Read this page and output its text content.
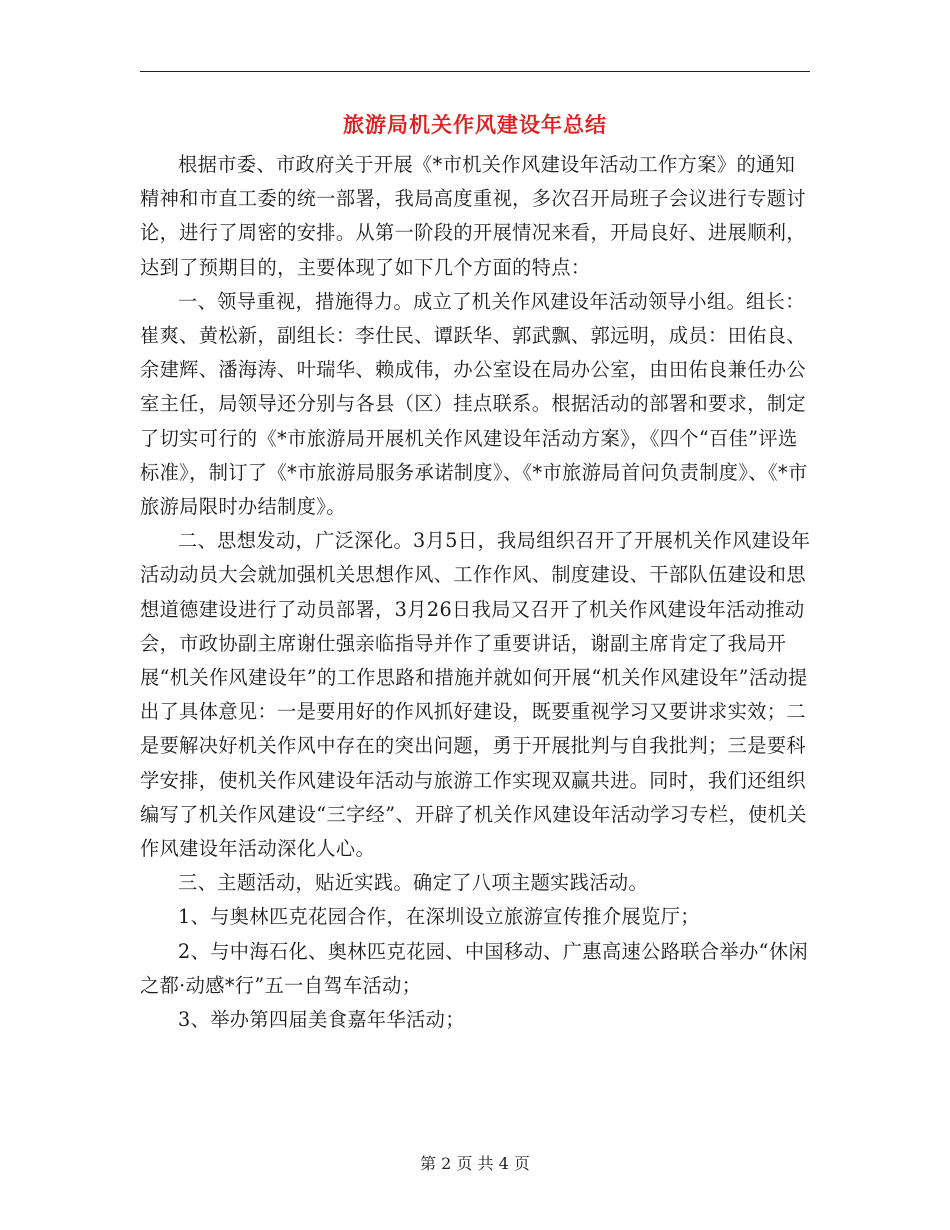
旅游局机关作风建设年总结

根据市委、市政府关于开展《*市机关作风建设年活动工作方案》的通知精神和市直工委的统一部署，我局高度重视，多次召开局班子会议进行专题讨论，进行了周密的安排。从第一阶段的开展情况来看，开局良好、进展顺利，达到了预期目的，主要体现了如下几个方面的特点：

一、领导重视，措施得力。成立了机关作风建设年活动领导小组。组长：崔爽、黄松新，副组长：李仕民、谭跃华、郭武飘、郭远明，成员：田佑良、余建辉、潘海涛、叶瑞华、赖成伟，办公室设在局办公室，由田佑良兼任办公室主任，局领导还分别与各县（区）挂点联系。根据活动的部署和要求，制定了切实可行的《*市旅游局开展机关作风建设年活动方案》，《四个“百佳”评选标准》，制订了《*市旅游局服务承诺制度》、《*市旅游局首问负责制度》、《*市旅游局限时办结制度》。

二、思想发动，广泛深化。3月5日，我局组织召开了开展机关作风建设年活动动员大会就加强机关思想作风、工作作风、制度建设、干部队伍建设和思想道德建设进行了动员部署，3月26日我局又召开了机关作风建设年活动推动会，市政协副主席谢仕强亲临指导并作了重要讲话，谢副主席肯定了我局开展“机关作风建设年”的工作思路和措施并就如何开展“机关作风建设年”活动提出了具体意见：一是要用好的作风抓好建设，既要重视学习又要讲求实效；二是要解决好机关作风中存在的突出问题，勇于开展批判与自我批判；三是要科学安排，使机关作风建设年活动与旅游工作实现双赢共进。同时，我们还组织编写了机关作风建设“三字经”、开辟了机关作风建设年活动学习专栏，使机关作风建设年活动深化人心。

三、主题活动，贴近实践。确定了八项主题实践活动。

1、与奥林匹克花园合作，在深圳设立旅游宣传推介展览厅；

2、与中海石化、奥林匹克花园、中国移动、广惠高速公路联合举办“休闲之都·动感*行”五一自驾车活动；

3、举办第四届美食嘉年华活动；

第 2 页 共 4 页
